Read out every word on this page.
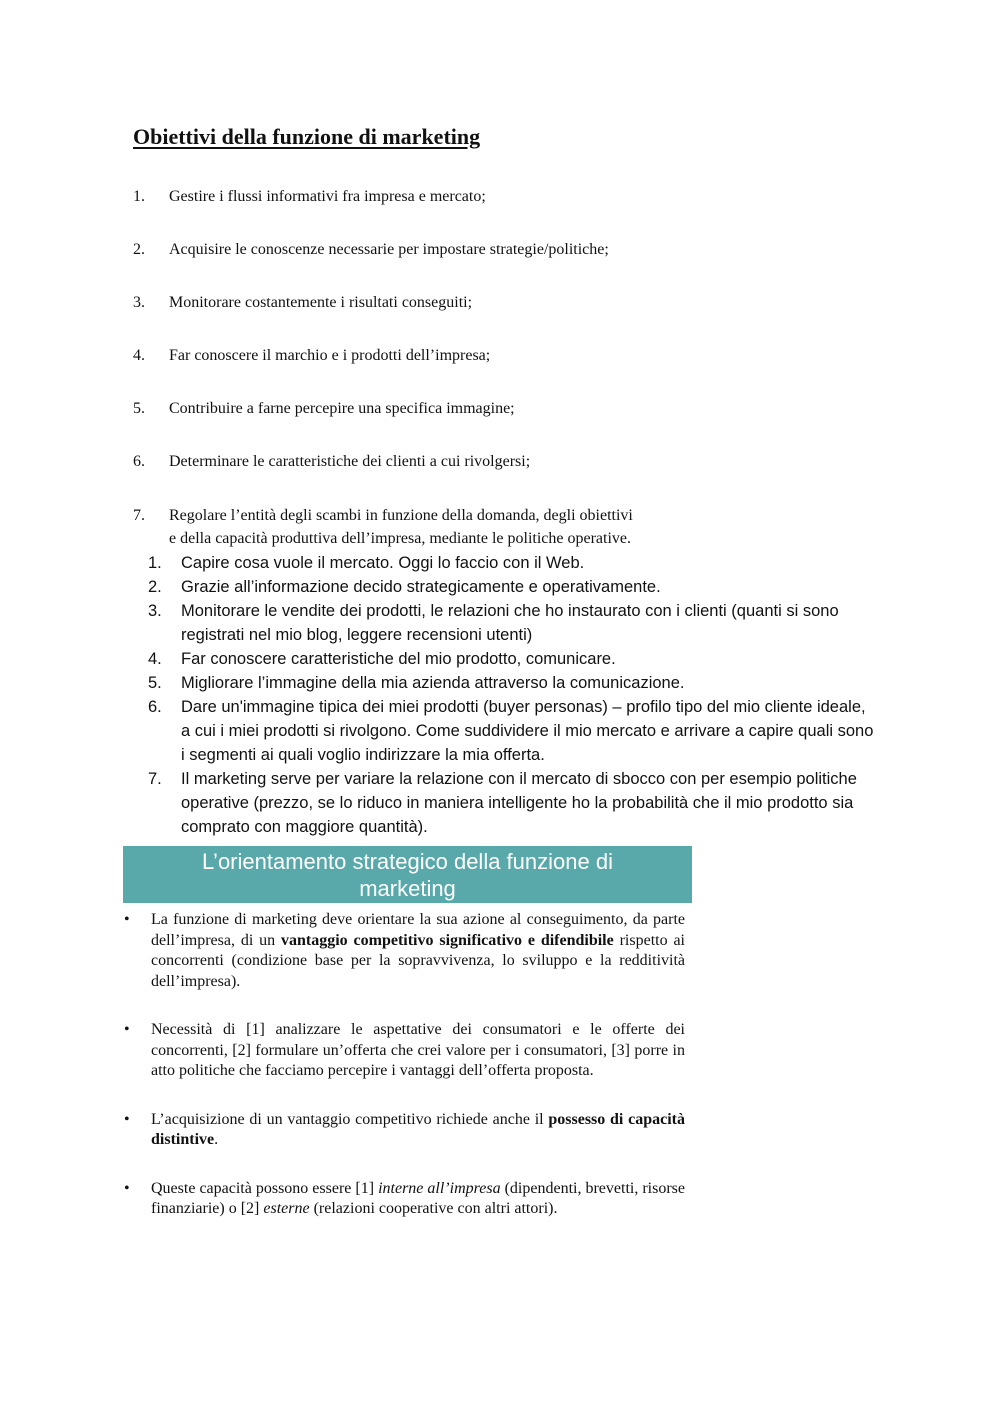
Obiettivi della funzione di marketing
1. Gestire i flussi informativi fra impresa e mercato;
2. Acquisire le conoscenze necessarie per impostare strategie/politiche;
3. Monitorare costantemente i risultati conseguiti;
4. Far conoscere il marchio e i prodotti dell’impresa;
5. Contribuire a farne percepire una specifica immagine;
6. Determinare le caratteristiche dei clienti a cui rivolgersi;
7. Regolare l’entità degli scambi in funzione della domanda, degli obiettivi
e della capacità produttiva dell’impresa, mediante le politiche operative.
1. Capire cosa vuole il mercato. Oggi lo faccio con il Web.
2. Grazie all’informazione decido strategicamente e operativamente.
3. Monitorare le vendite dei prodotti, le relazioni che ho instaurato con i clienti (quanti si sono registrati nel mio blog, leggere recensioni utenti)
4. Far conoscere caratteristiche del mio prodotto, comunicare.
5. Migliorare l’immagine della mia azienda attraverso la comunicazione.
6. Dare un'immagine tipica dei miei prodotti (buyer personas) – profilo tipo del mio cliente ideale, a cui i miei prodotti si rivolgono. Come suddividere il mio mercato e arrivare a capire quali sono i segmenti ai quali voglio indirizzare la mia offerta.
7. Il marketing serve per variare la relazione con il mercato di sbocco con per esempio politiche operative (prezzo, se lo riduco in maniera intelligente ho la probabilità che il mio prodotto sia comprato con maggiore quantità).
L’orientamento strategico della funzione di
marketing
• La funzione di marketing deve orientare la sua azione al conseguimento, da parte dell’impresa, di un vantaggio competitivo significativo e difendibile rispetto ai concorrenti (condizione base per la sopravvivenza, lo sviluppo e la redditività dell’impresa).
• Necessità di [1] analizzare le aspettative dei consumatori e le offerte dei concorrenti, [2] formulare un’offerta che crei valore per i consumatori, [3] porre in atto politiche che facciamo percepire i vantaggi dell’offerta proposta.
• L’acquisizione di un vantaggio competitivo richiede anche il possesso di capacità distintive.
• Queste capacità possono essere [1] interne all’impresa (dipendenti, brevetti, risorse finanziarie) o [2] esterne (relazioni cooperative con altri attori).
